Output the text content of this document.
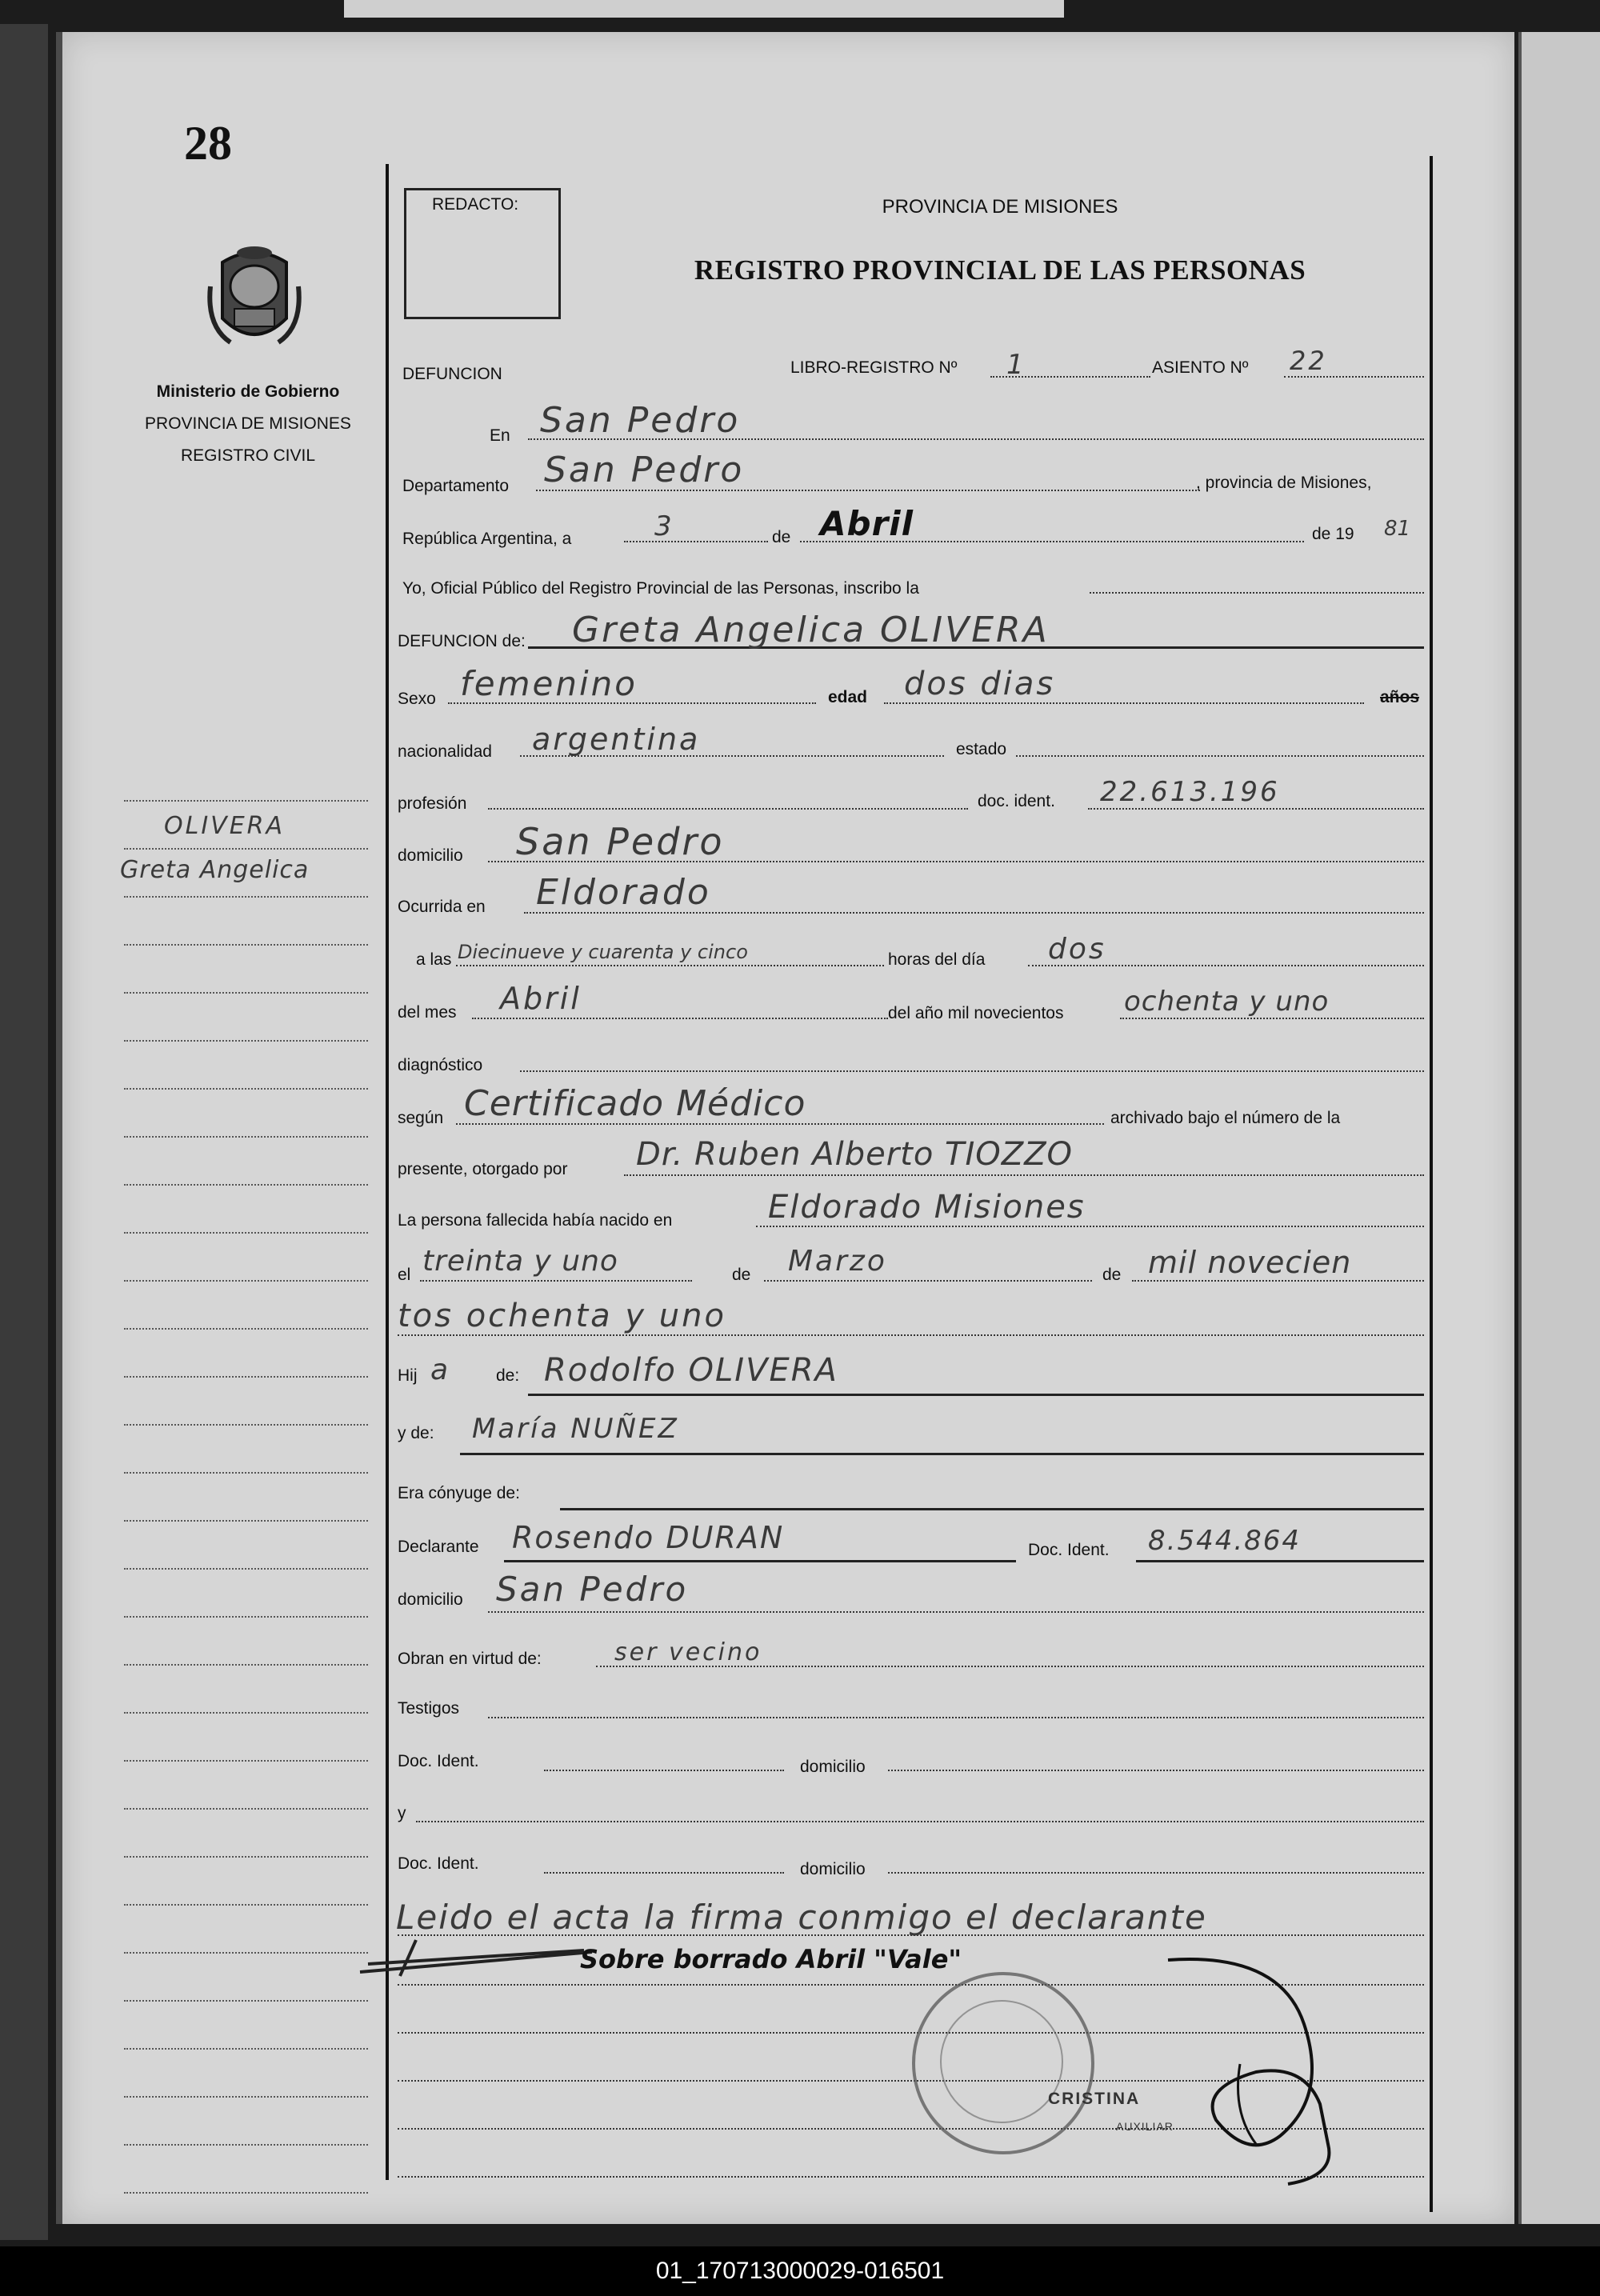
28
Ministerio de Gobierno
PROVINCIA DE MISIONES
REGISTRO CIVIL
OLIVERA
Greta Angelica
REDACTO:	PROVINCIA DE MISIONES
REGISTRO PROVINCIAL DE LAS PERSONAS
DEFUNCION	LIBRO-REGISTRO Nº 1	ASIENTO Nº 22
En San Pedro
Departamento San Pedro	, provincia de Misiones,
República Argentina, a	3	de Abril	de 19 81
Yo, Oficial Público del Registro Provincial de las Personas, inscribo la
DEFUNCION de: Greta Angelica OLIVERA
Sexo femenino	edad dos dias	años
nacionalidad argentina	estado
profesión	doc. ident. 22.613.196
domicilio San Pedro
Ocurrida en Eldorado
a las Diecinueve y cuarenta y cinco	horas del día dos
del mes Abril	del año mil novecientos ochenta y uno
diagnóstico
según Certificado Médico	archivado bajo el número de la
presente, otorgado por Dr. Ruben Alberto TIOZZO
La persona fallecida había nacido en	Eldorado Misiones
el treinta y uno	de Marzo	de mil novecien
tos ochenta y uno
Hij a	de: Rodolfo OLIVERA
y de: María NUÑEZ
Era cónyuge de:
Declarante Rosendo DURAN	Doc. Ident. 8.544.864
domicilio San Pedro
Obran en virtud de:	ser vecino
Testigos
Doc. Ident.	domicilio
y
Doc. Ident.	domicilio
Leido el acta la firma conmigo el declarante
Sobre borrado Abril "Vale"
CRISTINA
AUXILIAR
01_170713000029-016501
